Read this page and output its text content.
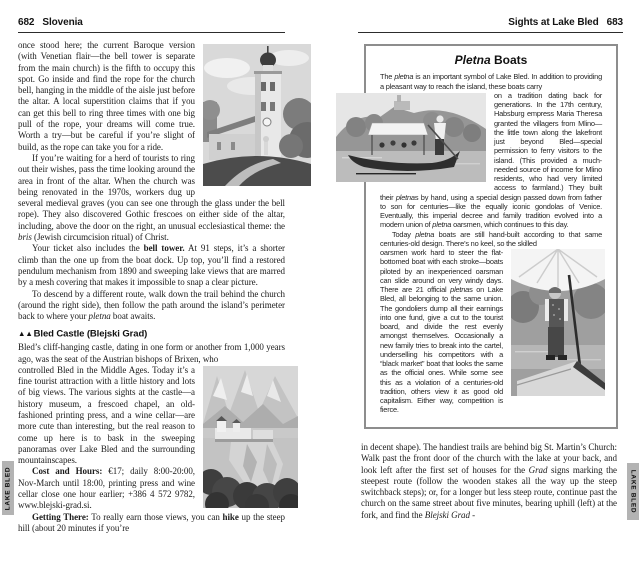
682 Slovenia

once stood here; the current Baroque version (with Venetian flair—the bell tower is separate from the main church) is the fifth to occupy this spot. Go inside and find the rope for the church bell, hanging in the middle of the aisle just before the altar. A local superstition claims that if you can get this bell to ring three times with one big pull of the rope, your dreams will come true. Worth a try—but be careful if you’re slight of build, as the rope can take you for a ride.

If you’re waiting for a herd of tourists to ring out their wishes, pass the time looking around the area in front of the altar. When the church was being renovated in the 1970s, workers dug up several medieval graves (you can see one through the glass under the bell rope). They also discovered Gothic frescoes on either side of the altar, including, above the door on the right, an unusual ecclesiastical theme: the bris (Jewish circumcision ritual) of Christ.

Your ticket also includes the bell tower. At 91 steps, it’s a shorter climb than the one up from the boat dock. Up top, you’ll find a restored pendulum mechanism from 1890 and sweeping lake views that are marred by a mesh covering that makes it impossible to snap a clear picture.

To descend by a different route, walk down the trail behind the church (around the right side), then follow the path around the island’s perimeter back to where your pletna boat awaits.

▲▲Bled Castle (Blejski Grad)

Bled’s cliff-hanging castle, dating in one form or another from 1,000 years ago, was the seat of the Austrian bishops of Brixen, who

controlled Bled in the Middle Ages. Today it’s a fine tourist attraction with a little history and lots of big views. The various sights at the castle—a history museum, a frescoed chapel, an old-fashioned printing press, and a wine cellar—are more cute than interesting, but the real reason to come up here is to bask in the sweeping panoramas over Lake Bled and the surrounding mountainscapes.

Cost and Hours: €17; daily 8:00-20:00, Nov-March until 18:00, printing press and wine cellar close one hour earlier; +386 4 572 9782, www.blejski-grad.si.

Getting There: To really earn those views, you can hike up the steep hill (about 20 minutes if you’re

LAKE BLED
Sights at Lake Bled 683
Pletna Boats

The pletna is an important symbol of Lake Bled. In addition to providing a pleasant way to reach the island, these boats carry

on a tradition dating back for generations. In the 17th century, Habsburg empress Maria Theresa granted the villagers from Mlino—the little town along the lakefront just beyond Bled—special permission to ferry visitors to the island. (This provided a much-needed source of income for Mlino residents, who had very limited access to farmland.) They built their pletnas by hand, using a special design passed down from father to son for centuries—like the equally iconic gondolas of Venice. Eventually, this imperial decree and family tradition evolved into a modern union of pletna oarsmen, which continues to this day.

Today pletna boats are still hand-built according to that same centuries-old design. There’s no keel, so the skilled

oarsmen work hard to steer the flat-bottomed boat with each stroke—boats piloted by an inexperienced oarsman can slide around on very windy days. There are 21 official pletnas on Lake Bled, all belonging to the same union. The gondoliers dump all their earnings into one fund, give a cut to the tourist board, and divide the rest evenly amongst themselves. Occasionally a new family tries to break into the cartel, underselling his competitors with a “black market” boat that looks the same as the official ones. While some see this as a violation of a centuries-old tradition, others view it as good old capitalism. Either way, competition is fierce.

in decent shape). The handiest trails are behind big St. Martin’s Church: Walk past the front door of the church with the lake at your back, and look left after the first set of houses for the Grad signs marking the steepest route (follow the wooden stakes all the way up the steep switchback steps); or, for a longer but less steep route, continue past the church on the same street about five minutes, bearing uphill (left) at the fork, and find the Blejski Grad -

LAKE BLED
